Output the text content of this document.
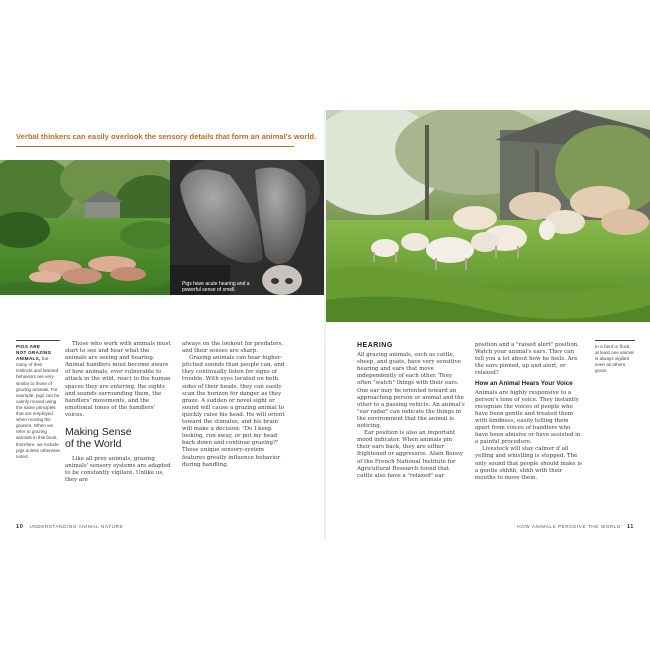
Verbal thinkers can easily overlook the sensory details that form an animal's world.
Pigs have acute hearing and a powerful sense of smell.
PIGS ARE
NOT GRAZING
ANIMALS, but many of their instincts and learned behaviors are very similar to those of grazing animals. For example, pigs can be calmly moved using the same principles that are employed when moving the grazers. When we refer to grazing animals in this book, therefore, we include pigs unless otherwise noted.

Those who work with animals must start to see and hear what the animals are seeing and hearing. Animal handlers must become aware of how animals, ever vulnerable to attack in the wild, react to the human spaces they are entering, the sights and sounds surrounding them, the handlers' movements, and the emotional tones of the handlers' voices.

Making Sense
of the World

Like all prey animals, grazing animals' sensory systems are adapted to be constantly vigilant. Unlike us, they are

always on the lookout for predators, and their senses are sharp.

Grazing animals can hear higher-pitched sounds than people can, and they continually listen for signs of trouble. With eyes located on both sides of their heads, they can easily scan the horizon for danger as they graze. A sudden or novel sight or sound will cause a grazing animal to quickly raise his head. He will orient toward the stimulus, and his brain will make a decision: "Do I keep looking, run away, or put my head back down and continue grazing?" These unique sensory-system features greatly influence behavior during handling.

10 UNDERSTANDING ANIMAL NATURE
In a herd or flock, at least one animal is always vigilant even as others graze.
HEARING

All grazing animals, such as cattle, sheep, and goats, have very sensitive hearing and ears that move independently of each other. They often "watch" things with their ears. One ear may be oriented toward an approaching person or animal and the other to a passing vehicle. An animal's "ear radar" can indicate the things in the environment that the animal is noticing.

Ear position is also an important mood indicator. When animals pin their ears back, they are either frightened or aggressive. Alain Boissy of the French National Institute for Agricultural Research found that cattle also have a "relaxed" ear

position and a "raised alert" position. Watch your animal's ears. They can tell you a lot about how he feels. Are the ears pinned, up and alert, or relaxed?

How an Animal Hears Your Voice

Animals are highly responsive to a person's tone of voice. They instantly recognize the voices of people who have been gentle and treated them with kindness, easily telling them apart from voices of handlers who have been abusive or have assisted in a painful procedure.

Livestock will stay calmer if all yelling and whistling is stopped. The only sound that people should make is a gentle shhhh, shhh with their mouths to move them.

HOW ANIMALS PERCEIVE THE WORLD 11
